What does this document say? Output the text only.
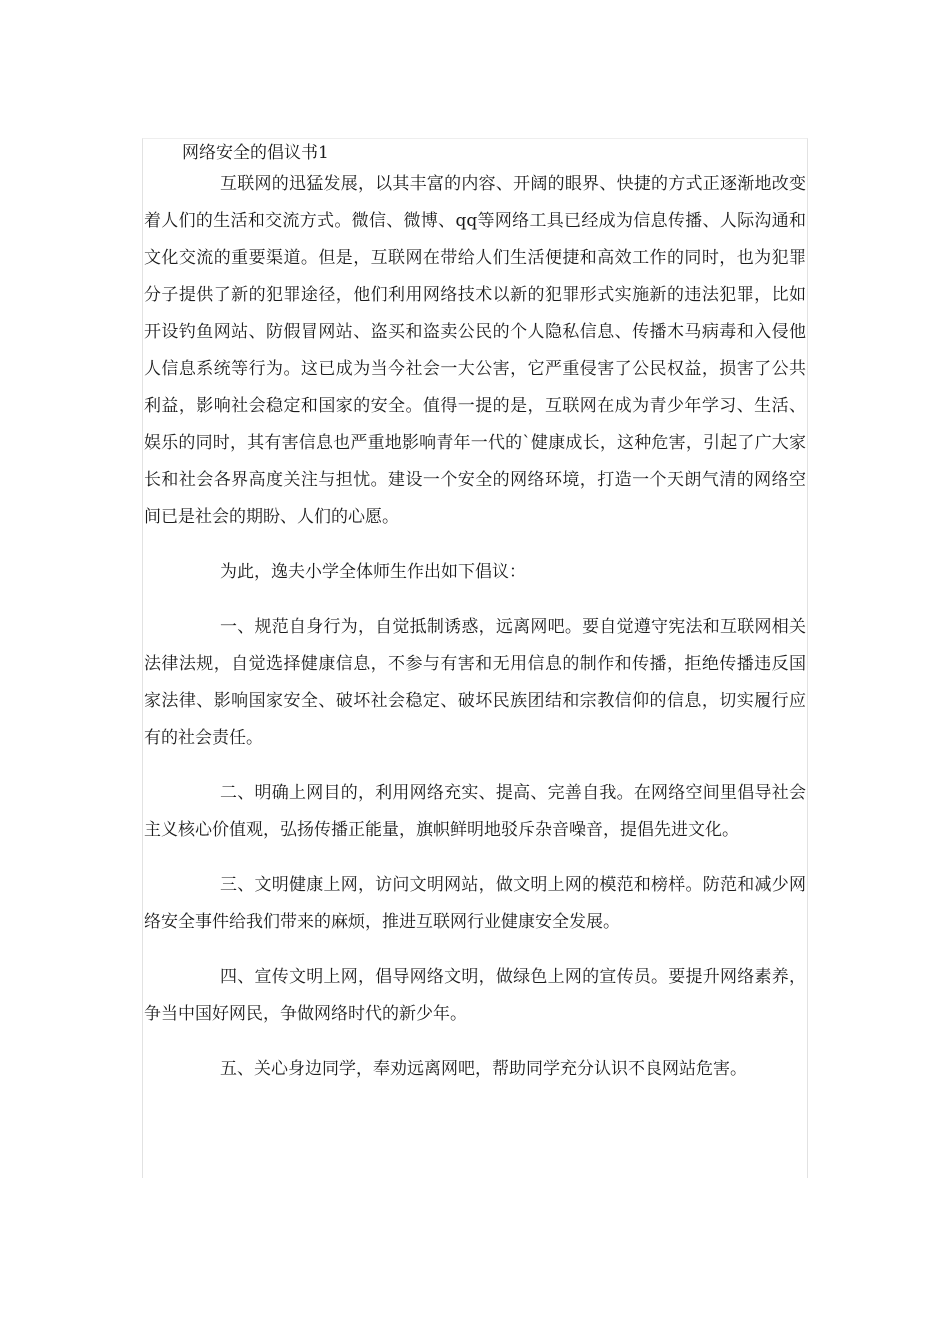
网络安全的倡议书1

互联网的迅猛发展，以其丰富的内容、开阔的眼界、快捷的方式正逐渐地改变着人们的生活和交流方式。微信、微博、qq等网络工具已经成为信息传播、人际沟通和文化交流的重要渠道。但是，互联网在带给人们生活便捷和高效工作的同时，也为犯罪分子提供了新的犯罪途径，他们利用网络技术以新的犯罪形式实施新的违法犯罪，比如开设钓鱼网站、防假冒网站、盗买和盗卖公民的个人隐私信息、传播木马病毒和入侵他人信息系统等行为。这已成为当今社会一大公害，它严重侵害了公民权益，损害了公共利益，影响社会稳定和国家的安全。值得一提的是，互联网在成为青少年学习、生活、娱乐的同时，其有害信息也严重地影响青年一代的`健康成长，这种危害，引起了广大家长和社会各界高度关注与担忧。建设一个安全的网络环境，打造一个天朗气清的网络空间已是社会的期盼、人们的心愿。

为此，逸夫小学全体师生作出如下倡议：

一、规范自身行为，自觉抵制诱惑，远离网吧。要自觉遵守宪法和互联网相关法律法规，自觉选择健康信息，不参与有害和无用信息的制作和传播，拒绝传播违反国家法律、影响国家安全、破坏社会稳定、破坏民族团结和宗教信仰的信息，切实履行应有的社会责任。

二、明确上网目的，利用网络充实、提高、完善自我。在网络空间里倡导社会主义核心价值观，弘扬传播正能量，旗帜鲜明地驳斥杂音噪音，提倡先进文化。

三、文明健康上网，访问文明网站，做文明上网的模范和榜样。防范和减少网络安全事件给我们带来的麻烦，推进互联网行业健康安全发展。

四、宣传文明上网，倡导网络文明，做绿色上网的宣传员。要提升网络素养，争当中国好网民，争做网络时代的新少年。

五、关心身边同学，奉劝远离网吧，帮助同学充分认识不良网站危害。
